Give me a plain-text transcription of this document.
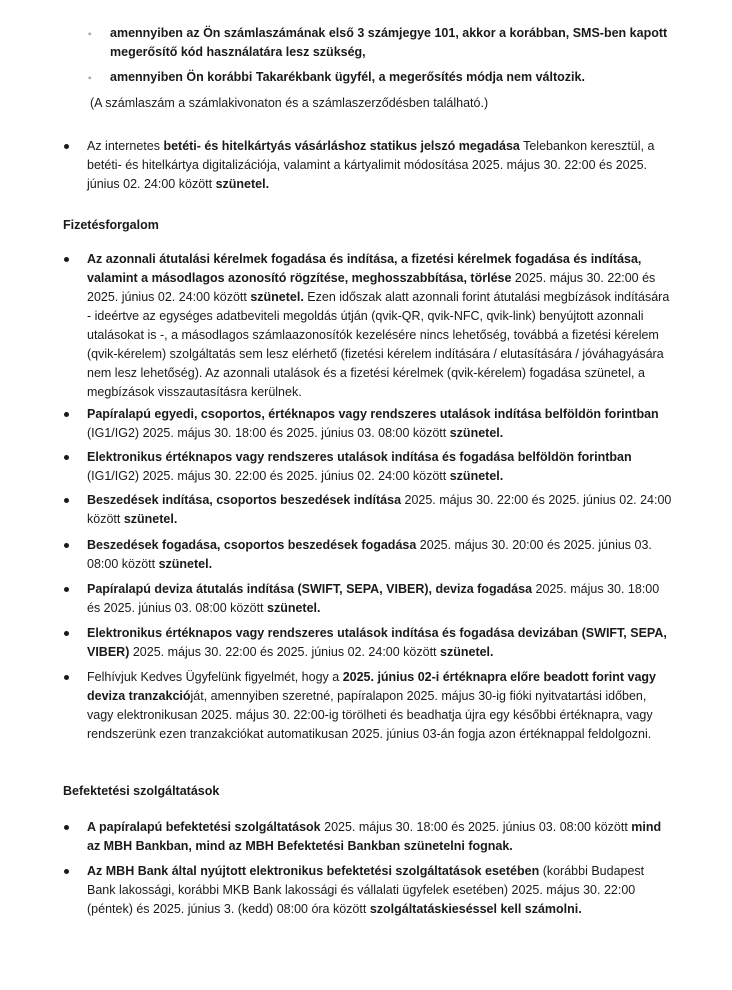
◦ amennyiben az Ön számlaszámának első 3 számjegye 101, akkor a korábban, SMS-ben kapott megerősítő kód használatára lesz szükség,
◦ amennyiben Ön korábbi Takarékbank ügyfél, a megerősítés módja nem változik.
(A számlaszám a számlakivonaton és a számlaszerződésben található.)
Az internetes betéti- és hitelkártyás vásárláshoz statikus jelszó megadása Telebankon keresztül, a betéti- és hitelkártya digitalizációja, valamint a kártyalimit módosítása 2025. május 30. 22:00 és 2025. június 02. 24:00 között szünetel.
Fizetésforgalom
Az azonnali átutalási kérelmek fogadása és indítása, a fizetési kérelmek fogadása és indítása, valamint a másodlagos azonosító rögzítése, meghosszabbítása, törlése 2025. május 30. 22:00 és 2025. június 02. 24:00 között szünetel. Ezen időszak alatt azonnali forint átutalási megbízások indítására - ideértve az egységes adatbeviteli megoldás útján (qvik-QR, qvik-NFC, qvik-link) benyújtott azonnali utalásokat is -, a másodlagos számlaazonosítók kezelésére nincs lehetőség, továbbá a fizetési kérelem (qvik-kérelem) szolgáltatás sem lesz elérhető (fizetési kérelem indítására / elutasítására / jóváhagyására nem lesz lehetőség). Az azonnali utalások és a fizetési kérelmek (qvik-kérelem) fogadása szünetel, a megbízások visszautasításra kerülnek.
Papíralapú egyedi, csoportos, értéknapos vagy rendszeres utalások indítása belföldön forintban (IG1/IG2) 2025. május 30. 18:00 és 2025. június 03. 08:00 között szünetel.
Elektronikus értéknapos vagy rendszeres utalások indítása és fogadása belföldön forintban (IG1/IG2) 2025. május 30. 22:00 és 2025. június 02. 24:00 között szünetel.
Beszedések indítása, csoportos beszedések indítása 2025. május 30. 22:00 és 2025. június 02. 24:00 között szünetel.
Beszedések fogadása, csoportos beszedések fogadása 2025. május 30. 20:00 és 2025. június 03. 08:00 között szünetel.
Papíralapú deviza átutalás indítása (SWIFT, SEPA, VIBER), deviza fogadása 2025. május 30. 18:00 és 2025. június 03. 08:00 között szünetel.
Elektronikus értéknapos vagy rendszeres utalások indítása és fogadása devizában (SWIFT, SEPA, VIBER) 2025. május 30. 22:00 és 2025. június 02. 24:00 között szünetel.
Felhívjuk Kedves Ügyfelünk figyelmét, hogy a 2025. június 02-i értéknapra előre beadott forint vagy deviza tranzakcióját, amennyiben szeretné, papíralapon 2025. május 30-ig fióki nyitvatartási időben, vagy elektronikusan 2025. május 30. 22:00-ig törölheti és beadhatja újra egy későbbi értéknapra, vagy rendszerünk ezen tranzakciókat automatikusan 2025. június 03-án fogja azon értéknappal feldolgozni.
Befektetési szolgáltatások
A papíralapú befektetési szolgáltatások 2025. május 30. 18:00 és 2025. június 03. 08:00 között mind az MBH Bankban, mind az MBH Befektetési Bankban szünetelni fognak.
Az MBH Bank által nyújtott elektronikus befektetési szolgáltatások esetében (korábbi Budapest Bank lakossági, korábbi MKB Bank lakossági és vállalati ügyfelek esetében) 2025. május 30. 22:00 (péntek) és 2025. június 3. (kedd) 08:00 óra között szolgáltatáskieséssel kell számolni.
